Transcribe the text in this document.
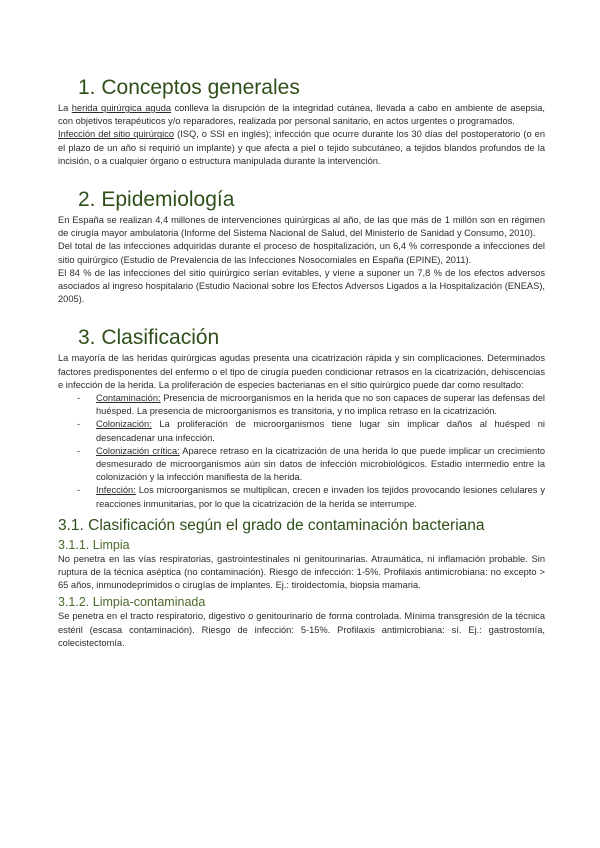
1. Conceptos generales

La herida quirúrgica aguda conlleva la disrupción de la integridad cutánea, llevada a cabo en ambiente de asepsia, con objetivos terapéuticos y/o reparadores, realizada por personal sanitario, en actos urgentes o programados.

Infección del sitio quirúrgico (ISQ, o SSI en inglés); infección que ocurre durante los 30 días del postoperatorio (o en el plazo de un año si requirió un implante) y que afecta a piel o tejido subcutáneo, a tejidos blandos profundos de la incisión, o a cualquier órgano o estructura manipulada durante la intervención.

2. Epidemiología

En España se realizan 4,4 millones de intervenciones quirúrgicas al año, de las que más de 1 millón son en régimen de cirugía mayor ambulatoria (Informe del Sistema Nacional de Salud, del Ministerio de Sanidad y Consumo, 2010).

Del total de las infecciones adquiridas durante el proceso de hospitalización, un 6,4 % corresponde a infecciones del sitio quirúrgico (Estudio de Prevalencia de las Infecciones Nosocomiales en España (EPINE), 2011).

El 84 % de las infecciones del sitio quirúrgico serían evitables, y viene a suponer un 7,8 % de los efectos adversos asociados al ingreso hospitalario (Estudio Nacional sobre los Efectos Adversos Ligados a la Hospitalización (ENEAS), 2005).

3. Clasificación

La mayoría de las heridas quirúrgicas agudas presenta una cicatrización rápida y sin complicaciones. Determinados factores predisponentes del enfermo o el tipo de cirugía pueden condicionar retrasos en la cicatrización, dehiscencias e infección de la herida. La proliferación de especies bacterianas en el sitio quirúrgico puede dar como resultado:

- Contaminación: Presencia de microorganismos en la herida que no son capaces de superar las defensas del huésped. La presencia de microorganismos es transitoria, y no implica retraso en la cicatrización.
- Colonización: La proliferación de microorganismos tiene lugar sin implicar daños al huésped ni desencadenar una infección.
- Colonización crítica: Aparece retraso en la cicatrización de una herida lo que puede implicar un crecimiento desmesurado de microorganismos aún sin datos de infección microbiológicos. Estadio intermedio entre la colonización y la infección manifiesta de la herida.
- Infección: Los microorganismos se multiplican, crecen e invaden los tejidos provocando lesiones celulares y reacciones inmunitarias, por lo que la cicatrización de la herida se interrumpe.
3.1. Clasificación según el grado de contaminación bacteriana
3.1.1. Limpia

No penetra en las vías respiratorias, gastrointestinales ni genitourinarias. Atraumática, ni inflamación probable. Sin ruptura de la técnica aséptica (no contaminación). Riesgo de infección: 1-5%. Profilaxis antimicrobiana: no excepto > 65 años, inmunodeprimidos o cirugías de implantes. Ej.: tiroidectomía, biopsia mamaria.

3.1.2. Limpia-contaminada

Se penetra en el tracto respiratorio, digestivo o genitourinario de forma controlada. Mínima transgresión de la técnica estéril (escasa contaminación). Riesgo de infección: 5-15%. Profilaxis antimicrobiana: sí. Ej.: gastrostomía, colecistectomía.
